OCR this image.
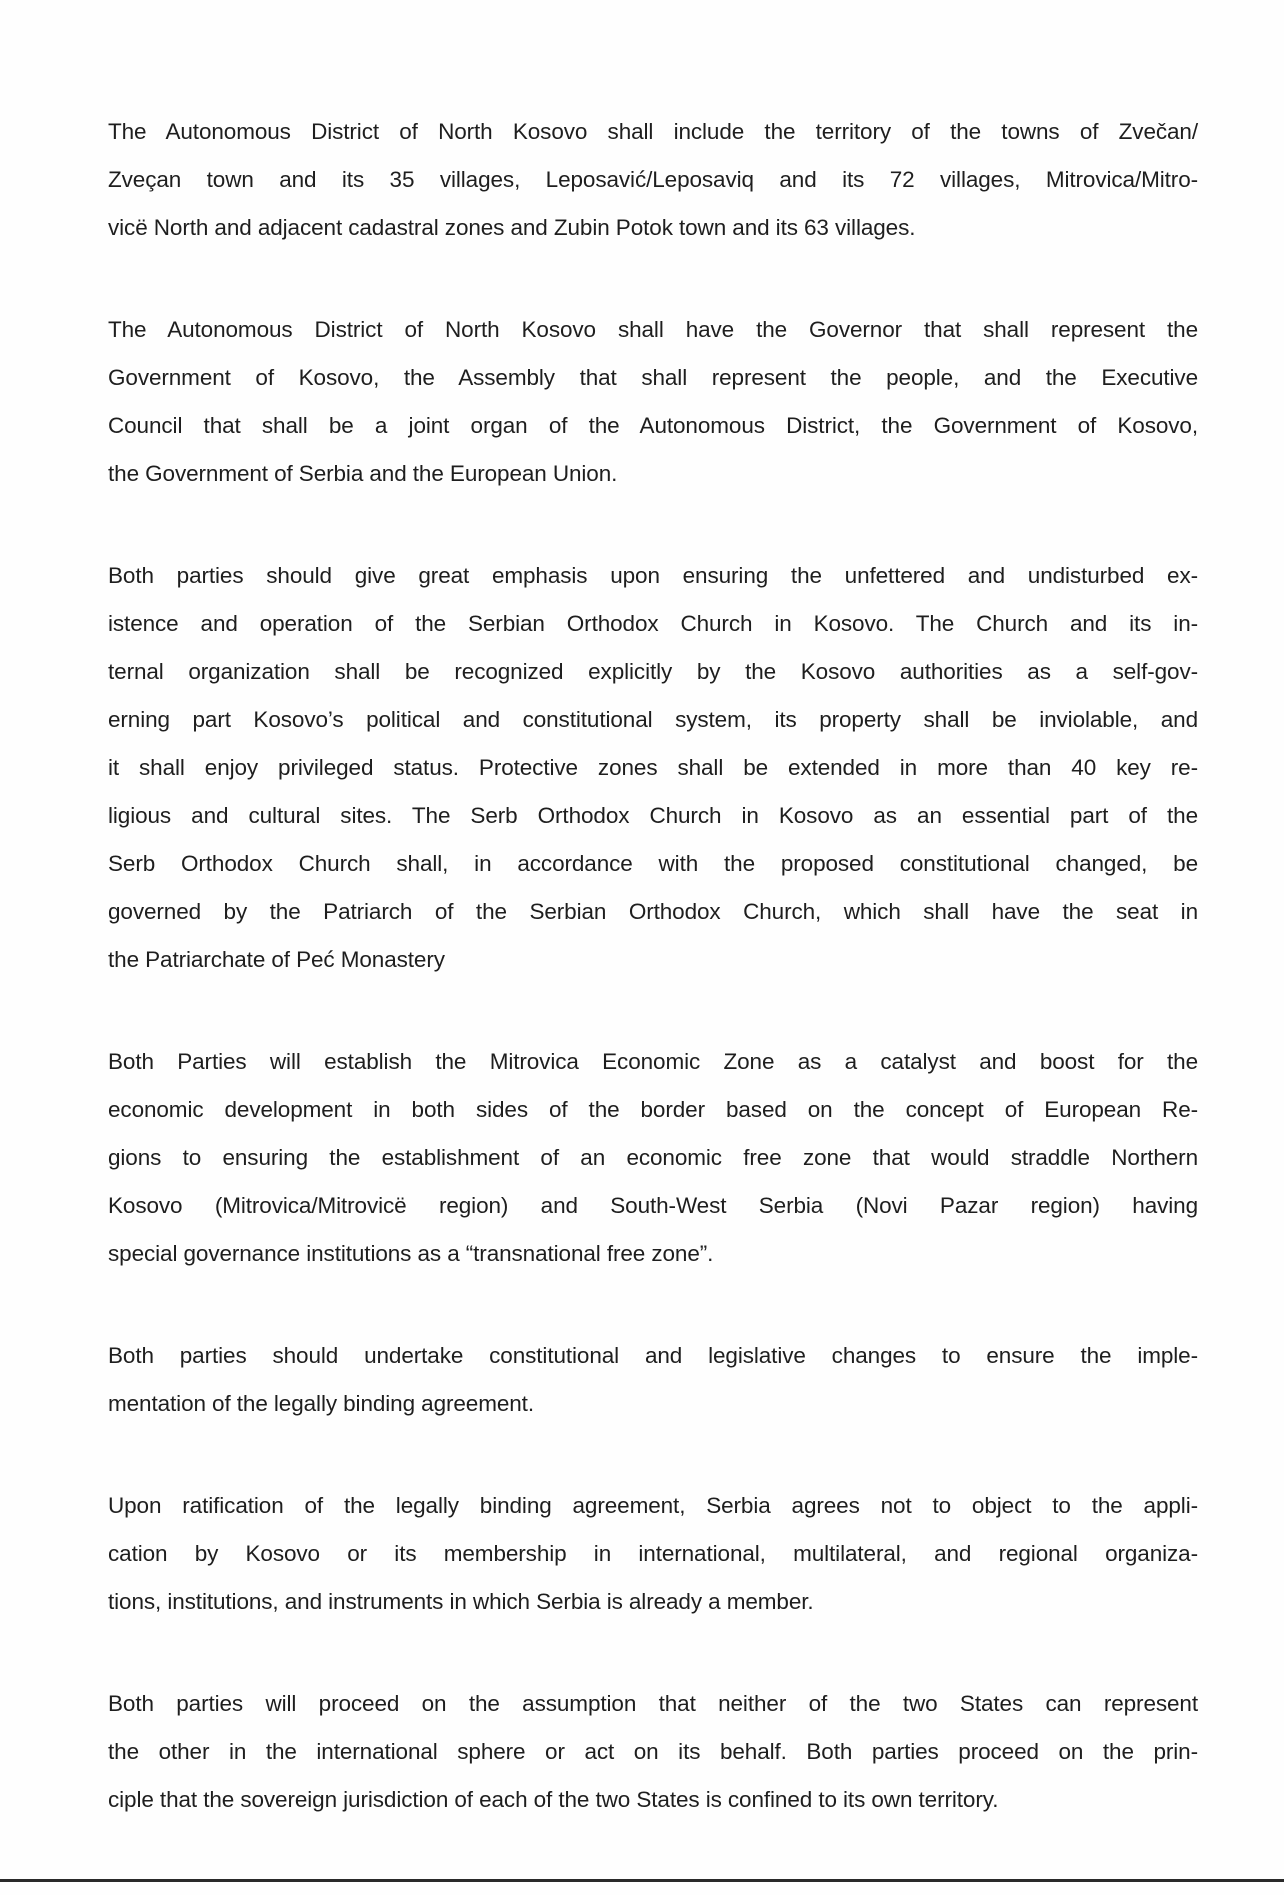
The Autonomous District of North Kosovo shall include the territory of the towns of Zvečan/
Zveçan town and its 35 villages, Leposavić/Leposaviq and its 72 villages, Mitrovica/Mitro-
vicë North and adjacent cadastral zones and Zubin Potok town and its 63 villages.

The Autonomous District of North Kosovo shall have the Governor that shall represent the
Government of Kosovo, the Assembly that shall represent the people, and the Executive
Council that shall be a joint organ of the Autonomous District, the Government of Kosovo,
the Government of Serbia and the European Union.

Both parties should give great emphasis upon ensuring the unfettered and undisturbed ex-
istence and operation of the Serbian Orthodox Church in Kosovo. The Church and its in-
ternal organization shall be recognized explicitly by the Kosovo authorities as a self-gov-
erning part Kosovo’s political and constitutional system, its property shall be inviolable, and
it shall enjoy privileged status. Protective zones shall be extended in more than 40 key re-
ligious and cultural sites. The Serb Orthodox Church in Kosovo as an essential part of the
Serb Orthodox Church shall, in accordance with the proposed constitutional changed, be
governed by the Patriarch of the Serbian Orthodox Church, which shall have the seat in
the Patriarchate of Peć Monastery

Both Parties will establish the Mitrovica Economic Zone as a catalyst and boost for the
economic development in both sides of the border based on the concept of European Re-
gions to ensuring the establishment of an economic free zone that would straddle Northern
Kosovo (Mitrovica/Mitrovicë region) and South-West Serbia (Novi Pazar region) having
special governance institutions as a “transnational free zone”.

Both parties should undertake constitutional and legislative changes to ensure the imple-
mentation of the legally binding agreement.

Upon ratification of the legally binding agreement, Serbia agrees not to object to the appli-
cation by Kosovo or its membership in international, multilateral, and regional organiza-
tions, institutions, and instruments in which Serbia is already a member.

Both parties will proceed on the assumption that neither of the two States can represent
the other in the international sphere or act on its behalf. Both parties proceed on the prin-
ciple that the sovereign jurisdiction of each of the two States is confined to its own territory.
